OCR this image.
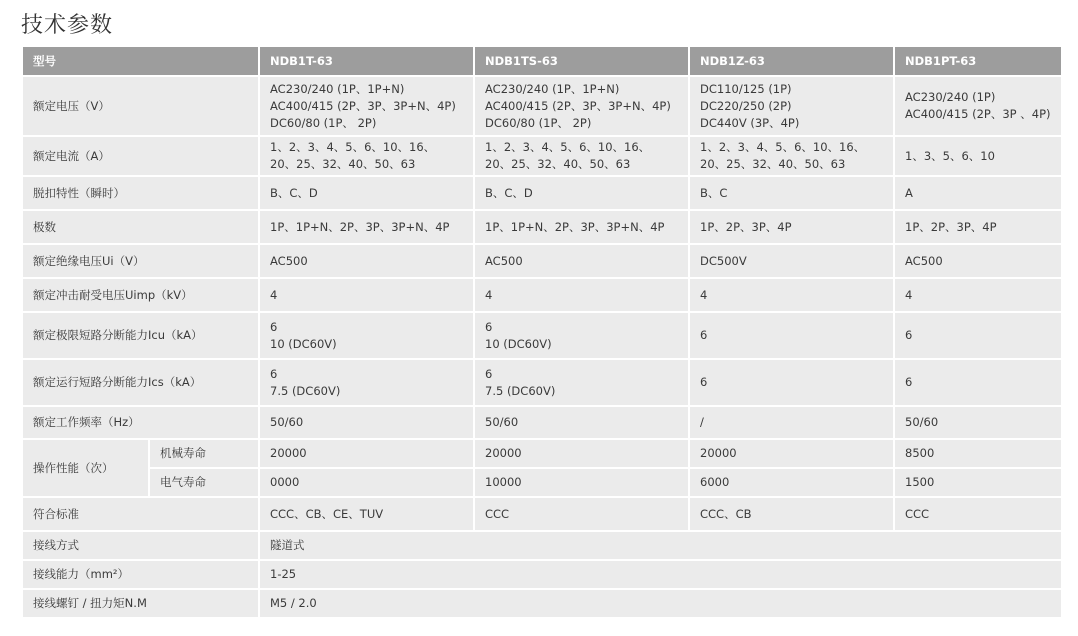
技术参数
型号		NDB1T-63	NDB1TS-63	NDB1Z-63	NDB1PT-63
额定电压（V）		AC230/240 (1P、1P+N)
AC400/415 (2P、3P、3P+N、4P)
DC60/80 (1P、 2P)	AC230/240 (1P、1P+N)
AC400/415 (2P、3P、3P+N、4P)
DC60/80 (1P、 2P)	DC110/125 (1P)
DC220/250 (2P)
DC440V (3P、4P)	AC230/240 (1P)
AC400/415 (2P、3P 、4P)

额定电流（A）		1、2、3、4、5、6、10、16、
20、25、32、40、50、63	1、2、3、4、5、6、10、16、
20、25、32、40、50、63	1、2、3、4、5、6、10、16、
20、25、32、40、50、63	1、3、5、6、10

脱扣特性（瞬时）		B、C、D	B、C、D	B、C	A
极数		1P、1P+N、2P、3P、3P+N、4P	1P、1P+N、2P、3P、3P+N、4P	1P、2P、3P、4P	1P、2P、3P、4P
额定绝缘电压Ui（V）		AC500	AC500	DC500V	AC500
额定冲击耐受电压Uimp（kV）		4	4	4	4
额定极限短路分断能力Icu（kA）		6
10 (DC60V)	6
10 (DC60V)	6	6

额定运行短路分断能力Ics（kA）		6
7.5 (DC60V)	6
7.5 (DC60V)	6	6

额定工作频率（Hz）		50/60	50/60	/	50/60
操作性能（次）	机械寿命	20000	20000	20000	8500
	电气寿命	0000	10000	6000	1500
符合标准		CCC、CB、CE、TUV	CCC	CCC、CB	CCC
接线方式		隧道式			
接线能力（mm²）		1-25			
接线螺钉 / 扭力矩N.M		M5 / 2.0			
